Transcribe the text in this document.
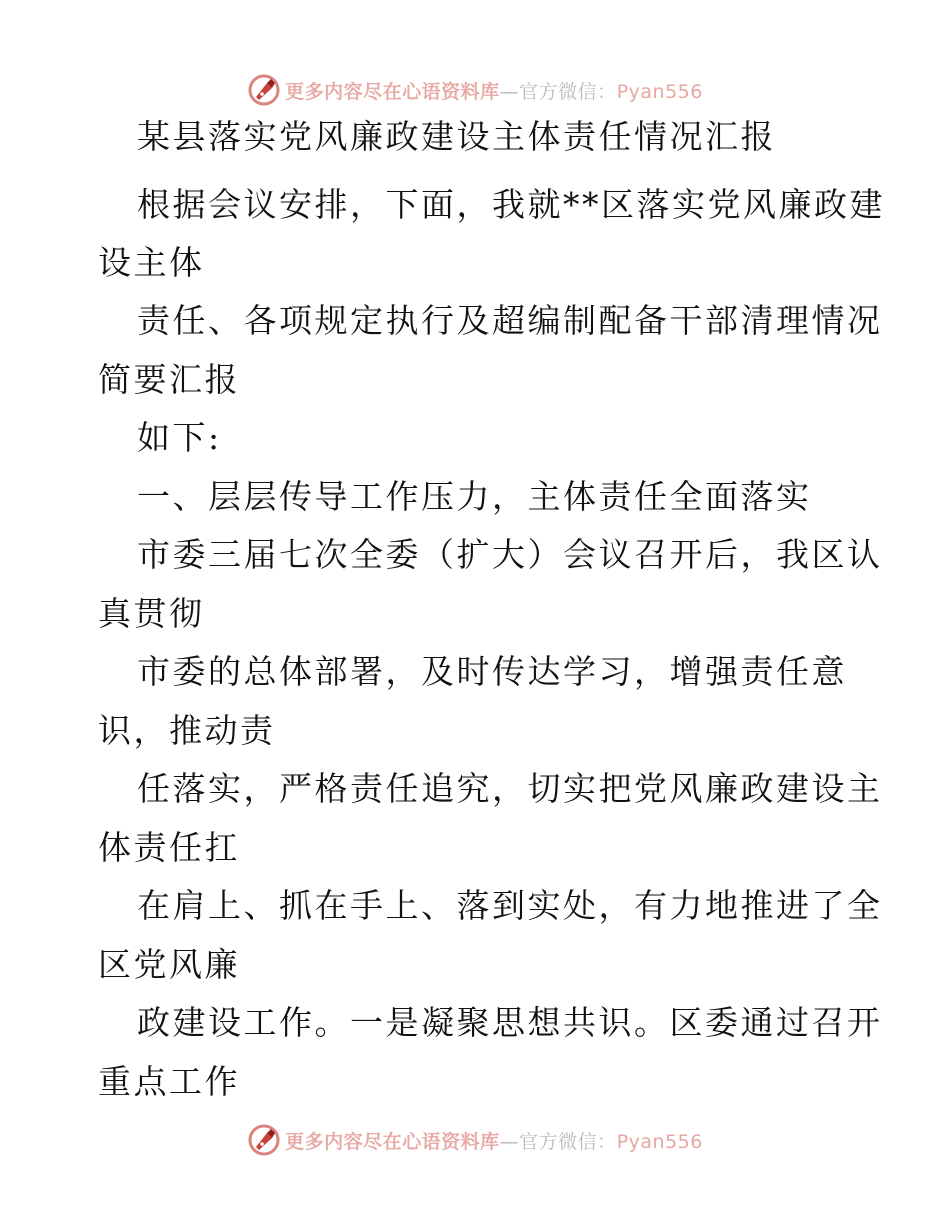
更多内容尽在心语资料库—官方微信：Pyan556
某县落实党风廉政建设主体责任情况汇报
根据会议安排，下面，我就**区落实党风廉政建
设主体
责任、各项规定执行及超编制配备干部清理情况
简要汇报
如下:
一、层层传导工作压力，主体责任全面落实
市委三届七次全委（扩大）会议召开后，我区认
真贯彻
市委的总体部署，及时传达学习，增强责任意
识，推动责
任落实，严格责任追究，切实把党风廉政建设主
体责任扛
在肩上、抓在手上、落到实处，有力地推进了全
区党风廉
政建设工作。一是凝聚思想共识。区委通过召开
重点工作
更多内容尽在心语资料库—官方微信：Pyan556
